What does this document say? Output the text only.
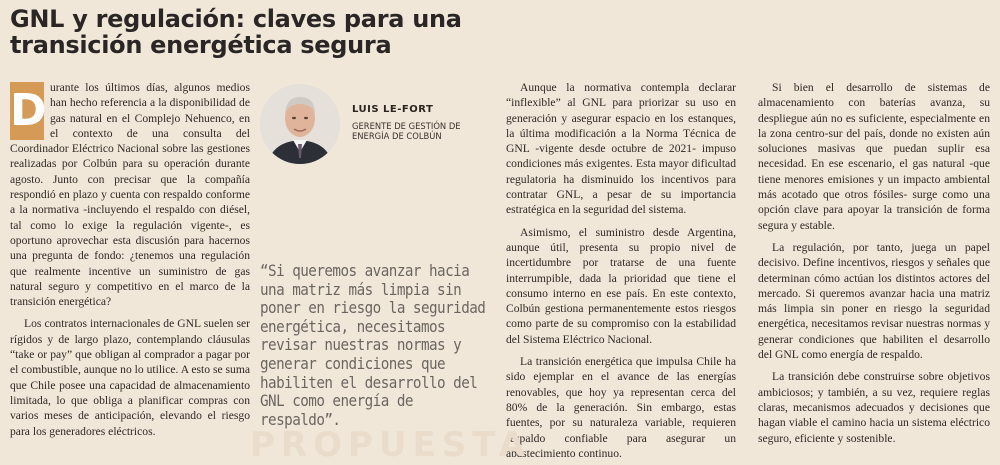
GNL y regulación: claves para una
transición energética segura

D urante los últimos días, algunos medios han hecho referencia a la disponibilidad de gas natural en el Complejo Nehuenco, en el contexto de una consulta del Coordinador Eléctrico Nacional sobre las gestiones realizadas por Colbún para su operación durante agosto. Junto con precisar que la compañía respondió en plazo y cuenta con respaldo conforme a la normativa -incluyendo el respaldo con diésel, tal como lo exige la regulación vigente-, es oportuno aprovechar esta discusión para hacernos una pregunta de fondo: ¿tenemos una regulación que realmente incentive un suministro de gas natural seguro y competitivo en el marco de la transición energética?

Los contratos internacionales de GNL suelen ser rígidos y de largo plazo, contemplando cláusulas “take or pay” que obligan al comprador a pagar por el combustible, aunque no lo utilice. A esto se suma que Chile posee una capacidad de almacenamiento limitada, lo que obliga a planificar compras con varios meses de anticipación, elevando el riesgo para los generadores eléctricos.

LUIS LE-FORT
GERENTE DE GESTIÓN DE ENERGÍA DE COLBÚN
“Si queremos avanzar hacia una matriz más limpia sin poner en riesgo la seguridad energética, necesitamos revisar nuestras normas y generar condiciones que habiliten el desarrollo del GNL como energía de respaldo”.

Aunque la normativa contempla declarar “inflexible” al GNL para priorizar su uso en generación y asegurar espacio en los estanques, la última modificación a la Norma Técnica de GNL -vigente desde octubre de 2021- impuso condiciones más exigentes. Esta mayor dificultad regulatoria ha disminuido los incentivos para contratar GNL, a pesar de su importancia estratégica en la seguridad del sistema.

Asimismo, el suministro desde Argentina, aunque útil, presenta su propio nivel de incertidumbre por tratarse de una fuente interrumpible, dada la prioridad que tiene el consumo interno en ese país. En este contexto, Colbún gestiona permanentemente estos riesgos como parte de su compromiso con la estabilidad del Sistema Eléctrico Nacional.

La transición energética que impulsa Chile ha sido ejemplar en el avance de las energías renovables, que hoy ya representan cerca del 80% de la generación. Sin embargo, estas fuentes, por su naturaleza variable, requieren respaldo confiable para asegurar un abastecimiento continuo.

Si bien el desarrollo de sistemas de almacenamiento con baterías avanza, su despliegue aún no es suficiente, especialmente en la zona centro-sur del país, donde no existen aún soluciones masivas que puedan suplir esa necesidad. En ese escenario, el gas natural -que tiene menores emisiones y un impacto ambiental más acotado que otros fósiles- surge como una opción clave para apoyar la transición de forma segura y estable.

La regulación, por tanto, juega un papel decisivo. Define incentivos, riesgos y señales que determinan cómo actúan los distintos actores del mercado. Si queremos avanzar hacia una matriz más limpia sin poner en riesgo la seguridad energética, necesitamos revisar nuestras normas y generar condiciones que habiliten el desarrollo del GNL como energía de respaldo.

La transición debe construirse sobre objetivos ambiciosos; y también, a su vez, requiere reglas claras, mecanismos adecuados y decisiones que hagan viable el camino hacia un sistema eléctrico seguro, eficiente y sostenible.

PROPUESTA
